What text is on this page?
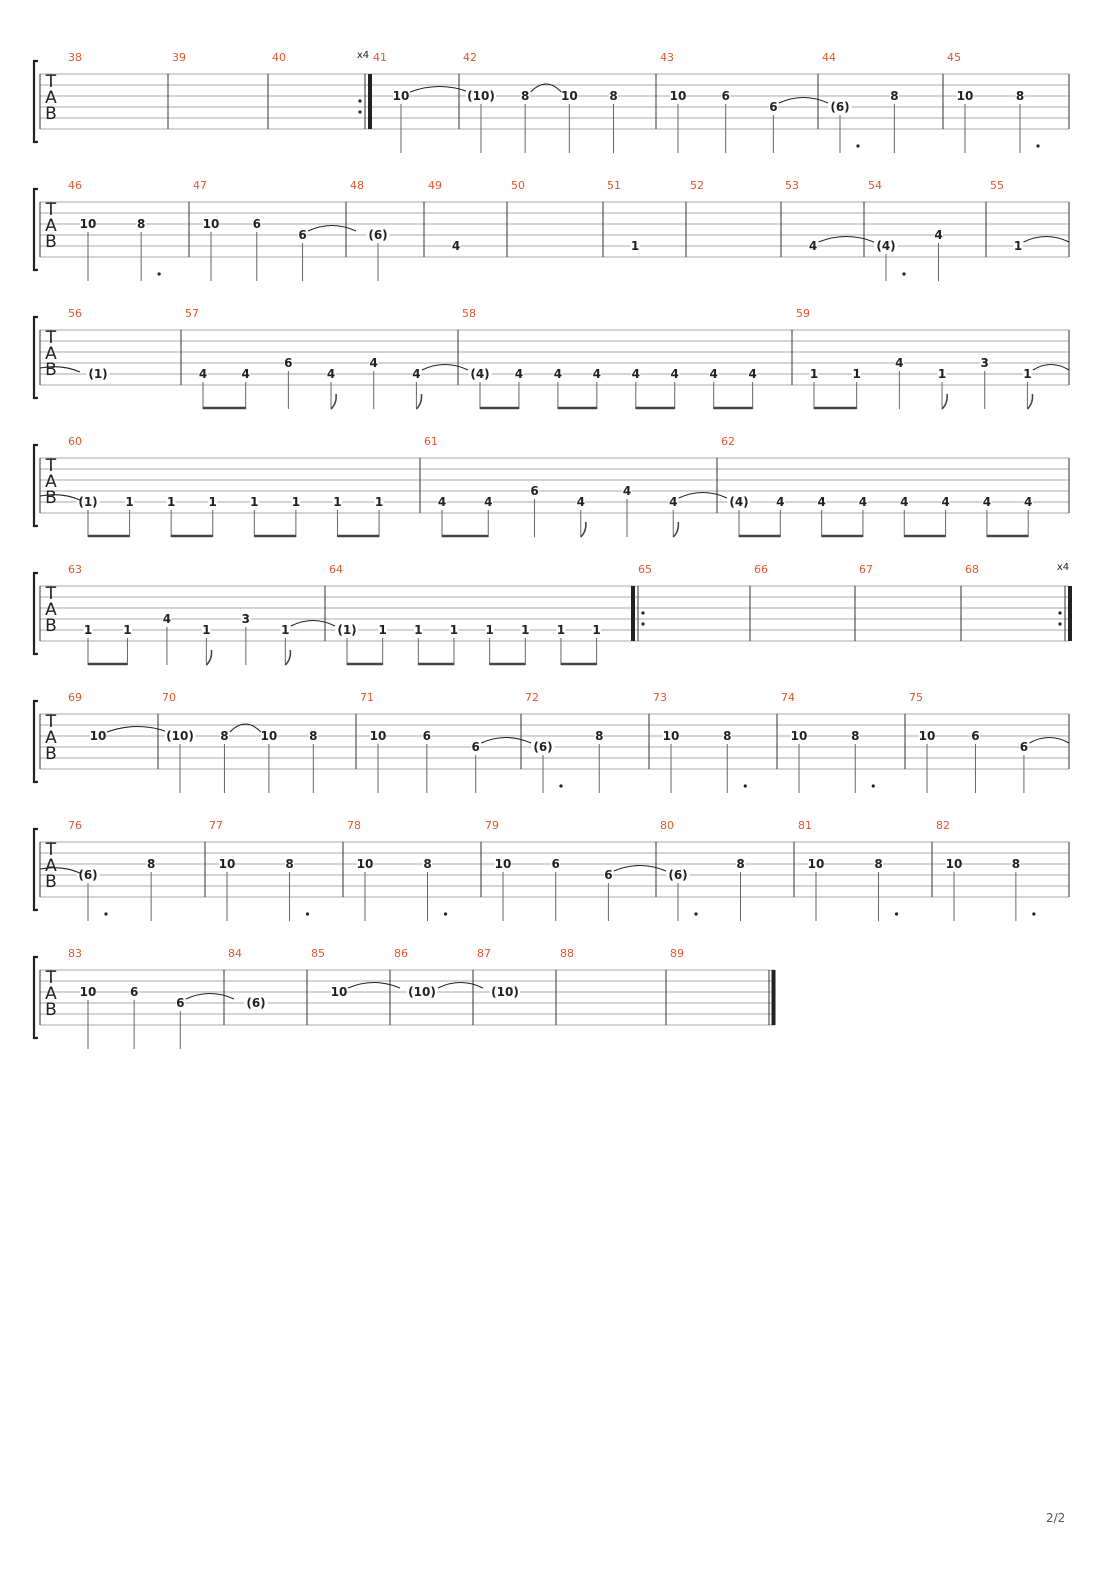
T
A
B
38	39	40	x4 41
10
42
(10) 8	10	8
43
10	6
6
44
(6)
8
45
10	8
T
A
B
46
10	8
47
10	6
6
48
(6)
49
4
50	51
1
52	53
4
54
(4)
4
55
1
T
A
B
56
(1)
57
4	4
6
4
4
4
58
(4) 4	4	4	4	4	4	4
59
1	1
4
1
3
1
T
A
B
60
(1) 1	1	1	1	1	1	1
61
4	4
6
4
4
4
62
(4) 4	4	4	4	4	4	4
T
A
B
63
1	1
4
1
3
1
64
(1) 1 1 1 1 1 1 1
65	66	67	68	x4
T
A
B
69
10
70
(10) 8	10	8
71
10	6
6
72
(6)
8
73
10	8
74
10	8
75
10	6
6
T
A
B
76
(6)
8
77
10	8
78
10	8
79
10	6
6
80
(6)
8
81
10	8
82
10	8
T
A
B
83
10	6
6
84
(6)
85
10
86
(10)
87
(10)
88	89
2/2
